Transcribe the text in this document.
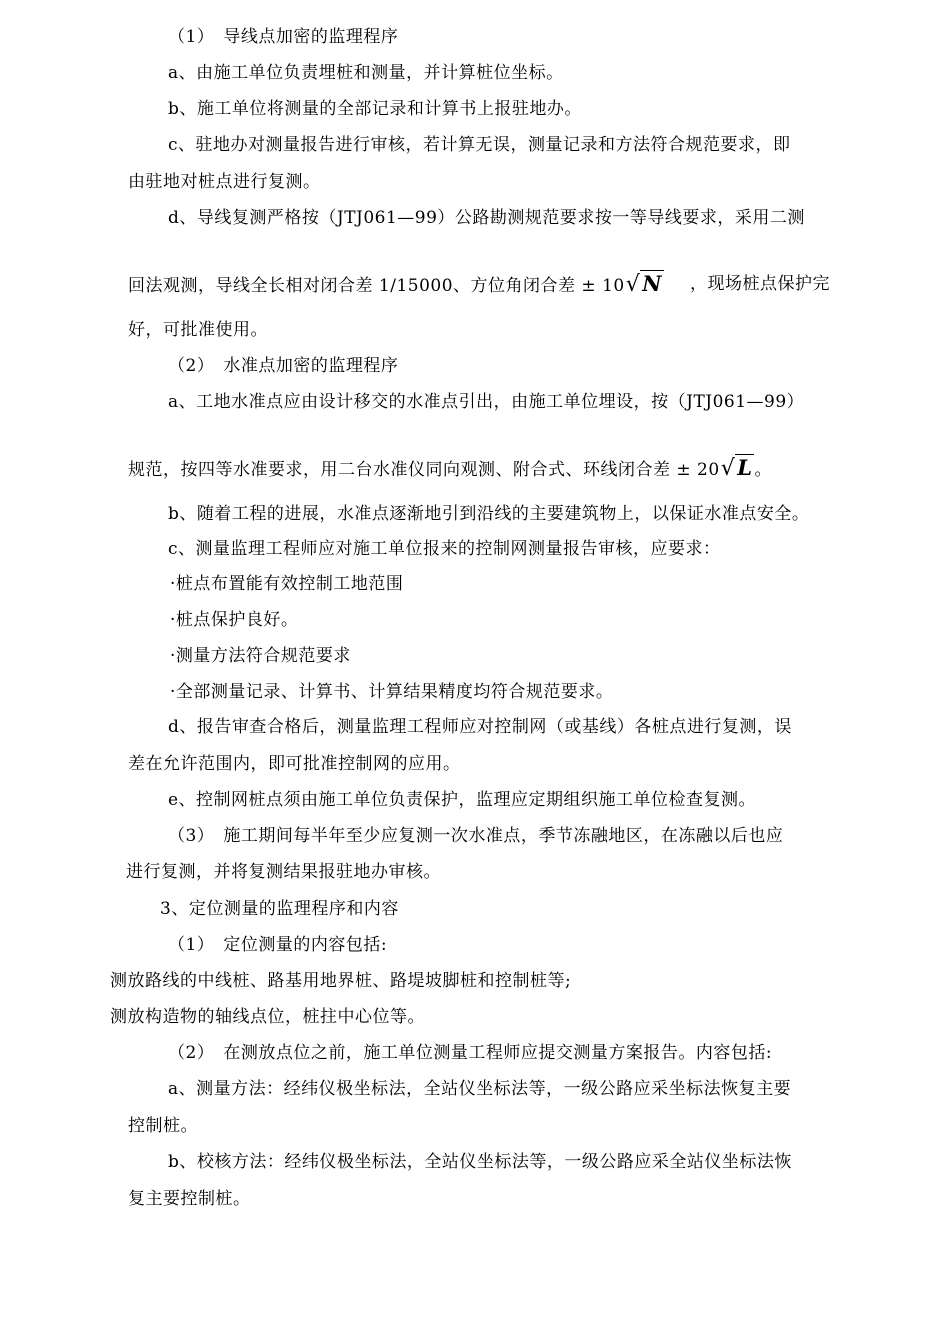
（1）　导线点加密的监理程序
a、由施工单位负责埋桩和测量，并计算桩位坐标。
b、施工单位将测量的全部记录和计算书上报驻地办。
c、驻地办对测量报告进行审核，若计算无误，测量记录和方法符合规范要求，即
由驻地对桩点进行复测。
d、导线复测严格按（JTJ061—99）公路勘测规范要求按一等导线要求，采用二测
回法观测，导线全长相对闭合差 1/15000、方位角闭合差 ± 10√N ，现场桩点保护完
好，可批准使用。
（2）　水准点加密的监理程序
a、工地水准点应由设计移交的水准点引出，由施工单位埋设，按（JTJ061—99）
规范，按四等水准要求，用二台水准仪同向观测、附合式、环线闭合差 ± 20√L 。
b、随着工程的进展，水准点逐渐地引到沿线的主要建筑物上，以保证水准点安全。
c、测量监理工程师应对施工单位报来的控制网测量报告审核，应要求：
·桩点布置能有效控制工地范围
·桩点保护良好。
·测量方法符合规范要求
·全部测量记录、计算书、计算结果精度均符合规范要求。
d、报告审查合格后，测量监理工程师应对控制网（或基线）各桩点进行复测，误
差在允许范围内，即可批准控制网的应用。
e、控制网桩点须由施工单位负责保护，监理应定期组织施工单位检查复测。
（3）　施工期间每半年至少应复测一次水准点，季节冻融地区，在冻融以后也应
进行复测，并将复测结果报驻地办审核。
3、定位测量的监理程序和内容
（1）　定位测量的内容包括:
测放路线的中线桩、路基用地界桩、路堤坡脚桩和控制桩等;
测放构造物的轴线点位，桩拄中心位等。
（2）　在测放点位之前，施工单位测量工程师应提交测量方案报告。内容包括:
a、测量方法：经纬仪极坐标法，全站仪坐标法等，一级公路应采坐标法恢复主要
控制桩。
b、校核方法：经纬仪极坐标法，全站仪坐标法等，一级公路应采全站仪坐标法恢
复主要控制桩。
